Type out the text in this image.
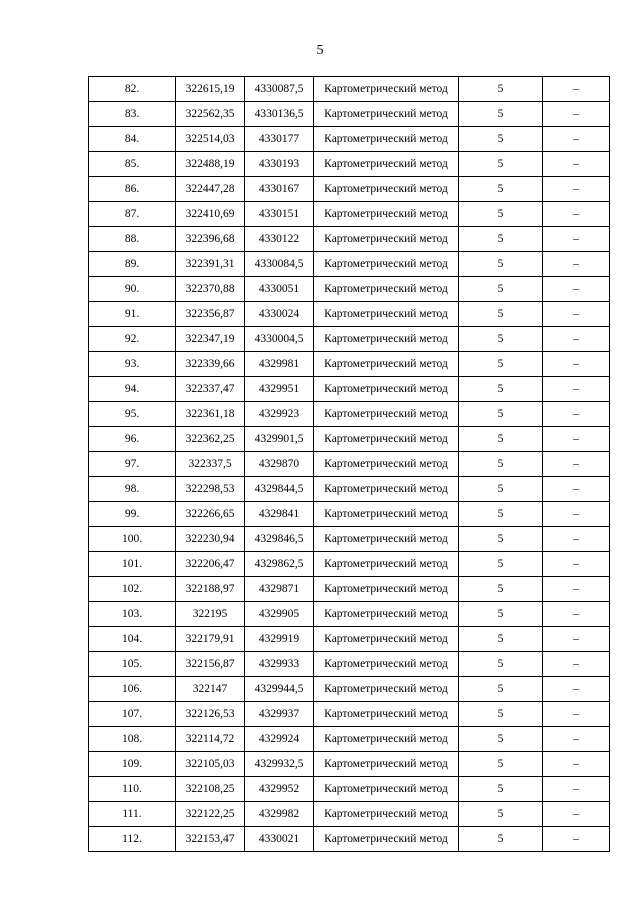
5
82.	322615,19	4330087,5	Картометрический метод	5	–
83.	322562,35	4330136,5	Картометрический метод	5	–
84.	322514,03	4330177	Картометрический метод	5	–
85.	322488,19	4330193	Картометрический метод	5	–
86.	322447,28	4330167	Картометрический метод	5	–
87.	322410,69	4330151	Картометрический метод	5	–
88.	322396,68	4330122	Картометрический метод	5	–
89.	322391,31	4330084,5	Картометрический метод	5	–
90.	322370,88	4330051	Картометрический метод	5	–
91.	322356,87	4330024	Картометрический метод	5	–
92.	322347,19	4330004,5	Картометрический метод	5	–
93.	322339,66	4329981	Картометрический метод	5	–
94.	322337,47	4329951	Картометрический метод	5	–
95.	322361,18	4329923	Картометрический метод	5	–
96.	322362,25	4329901,5	Картометрический метод	5	–
97.	322337,5	4329870	Картометрический метод	5	–
98.	322298,53	4329844,5	Картометрический метод	5	–
99.	322266,65	4329841	Картометрический метод	5	–
100.	322230,94	4329846,5	Картометрический метод	5	–
101.	322206,47	4329862,5	Картометрический метод	5	–
102.	322188,97	4329871	Картометрический метод	5	–
103.	322195	4329905	Картометрический метод	5	–
104.	322179,91	4329919	Картометрический метод	5	–
105.	322156,87	4329933	Картометрический метод	5	–
106.	322147	4329944,5	Картометрический метод	5	–
107.	322126,53	4329937	Картометрический метод	5	–
108.	322114,72	4329924	Картометрический метод	5	–
109.	322105,03	4329932,5	Картометрический метод	5	–
110.	322108,25	4329952	Картометрический метод	5	–
111.	322122,25	4329982	Картометрический метод	5	–
112.	322153,47	4330021	Картометрический метод	5	–
